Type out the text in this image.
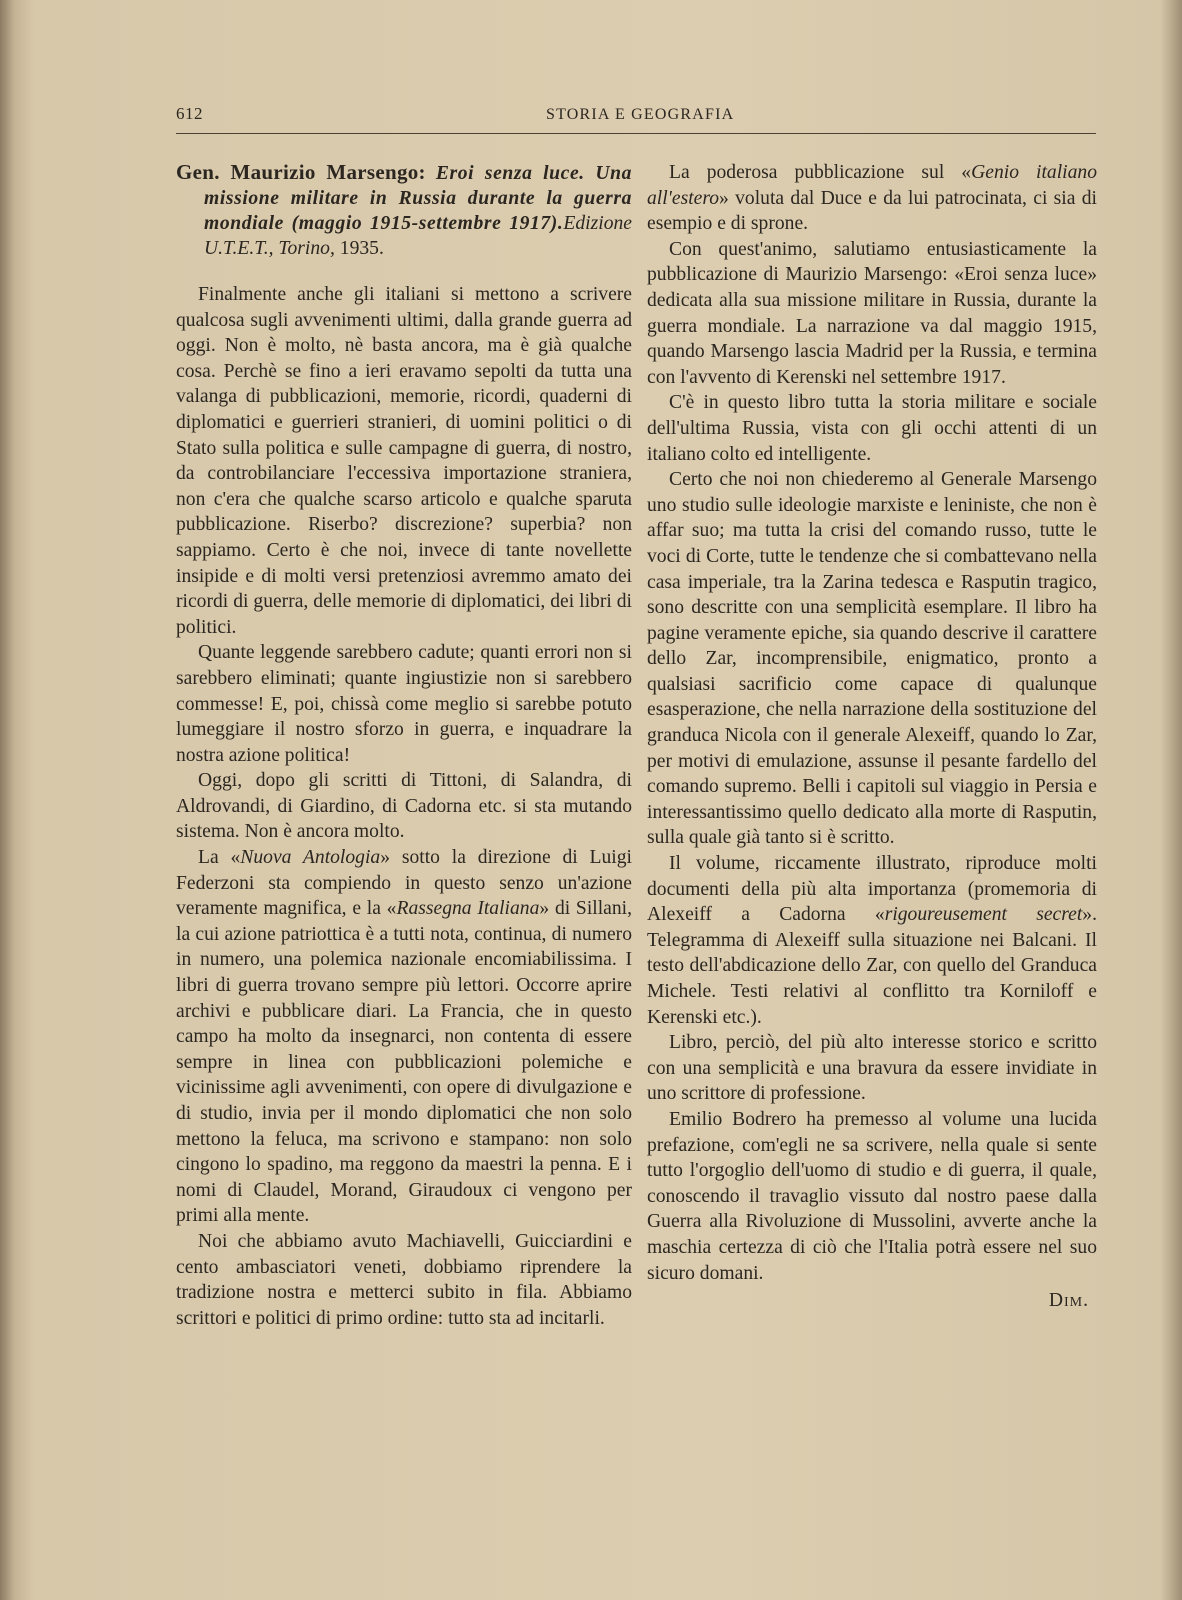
612	STORIA E GEOGRAFIA

Gen. Maurizio Marsengo: Eroi senza luce. Una missione militare in Russia durante la guerra mondiale (maggio 1915-settembre 1917).Edizione U.T.E.T., Torino, 1935.

Finalmente anche gli italiani si mettono a scrivere qualcosa sugli avvenimenti ultimi, dalla grande guerra ad oggi. Non è molto, nè basta ancora, ma è già qualche cosa. Perchè se fino a ieri eravamo sepolti da tutta una valanga di pubblicazioni, memorie, ricordi, quaderni di diplomatici e guerrieri stranieri, di uomini politici o di Stato sulla politica e sulle campagne di guerra, di nostro, da controbilanciare l'eccessiva importazione straniera, non c'era che qualche scarso articolo e qualche sparuta pubblicazione. Riserbo? discrezione? superbia? non sappiamo. Certo è che noi, invece di tante novellette insipide e di molti versi pretenziosi avremmo amato dei ricordi di guerra, delle memorie di diplomatici, dei libri di politici.

Quante leggende sarebbero cadute; quanti errori non si sarebbero eliminati; quante ingiustizie non si sarebbero commesse! E, poi, chissà come meglio si sarebbe potuto lumeggiare il nostro sforzo in guerra, e inquadrare la nostra azione politica!

Oggi, dopo gli scritti di Tittoni, di Salandra, di Aldrovandi, di Giardino, di Cadorna etc. si sta mutando sistema. Non è ancora molto.

La «Nuova Antologia» sotto la direzione di Luigi Federzoni sta compiendo in questo senzo un'azione veramente magnifica, e la «Rassegna Italiana» di Sillani, la cui azione patriottica è a tutti nota, continua, di numero in numero, una polemica nazionale encomiabilissima. I libri di guerra trovano sempre più lettori. Occorre aprire archivi e pubblicare diari. La Francia, che in questo campo ha molto da insegnarci, non contenta di essere sempre in linea con pubblicazioni polemiche e vicinissime agli avvenimenti, con opere di divulgazione e di studio, invia per il mondo diplomatici che non solo mettono la feluca, ma scrivono e stampano: non solo cingono lo spadino, ma reggono da maestri la penna. E i nomi di Claudel, Morand, Giraudoux ci vengono per primi alla mente.

Noi che abbiamo avuto Machiavelli, Guicciardini e cento ambasciatori veneti, dobbiamo riprendere la tradizione nostra e metterci subito in fila. Abbiamo scrittori e politici di primo ordine: tutto sta ad incitarli.

La poderosa pubblicazione sul «Genio italiano all'estero» voluta dal Duce e da lui patrocinata, ci sia di esempio e di sprone.

Con quest'animo, salutiamo entusiasticamente la pubblicazione di Maurizio Marsengo: «Eroi senza luce» dedicata alla sua missione militare in Russia, durante la guerra mondiale. La narrazione va dal maggio 1915, quando Marsengo lascia Madrid per la Russia, e termina con l'avvento di Kerenski nel settembre 1917.

C'è in questo libro tutta la storia militare e sociale dell'ultima Russia, vista con gli occhi attenti di un italiano colto ed intelligente.

Certo che noi non chiederemo al Generale Marsengo uno studio sulle ideologie marxiste e leniniste, che non è affar suo; ma tutta la crisi del comando russo, tutte le voci di Corte, tutte le tendenze che si combattevano nella casa imperiale, tra la Zarina tedesca e Rasputin tragico, sono descritte con una semplicità esemplare. Il libro ha pagine veramente epiche, sia quando descrive il carattere dello Zar, incomprensibile, enigmatico, pronto a qualsiasi sacrificio come capace di qualunque esasperazione, che nella narrazione della sostituzione del granduca Nicola con il generale Alexeiff, quando lo Zar, per motivi di emulazione, assunse il pesante fardello del comando supremo. Belli i capitoli sul viaggio in Persia e interessantissimo quello dedicato alla morte di Rasputin, sulla quale già tanto si è scritto.

Il volume, riccamente illustrato, riproduce molti documenti della più alta importanza (promemoria di Alexeiff a Cadorna «rigoureusement secret». Telegramma di Alexeiff sulla situazione nei Balcani. Il testo dell'abdicazione dello Zar, con quello del Granduca Michele. Testi relativi al conflitto tra Korniloff e Kerenski etc.).

Libro, perciò, del più alto interesse storico e scritto con una semplicità e una bravura da essere invidiate in uno scrittore di professione.

Emilio Bodrero ha premesso al volume una lucida prefazione, com'egli ne sa scrivere, nella quale si sente tutto l'orgoglio dell'uomo di studio e di guerra, il quale, conoscendo il travaglio vissuto dal nostro paese dalla Guerra alla Rivoluzione di Mussolini, avverte anche la maschia certezza di ciò che l'Italia potrà essere nel suo sicuro domani.

Dim.
